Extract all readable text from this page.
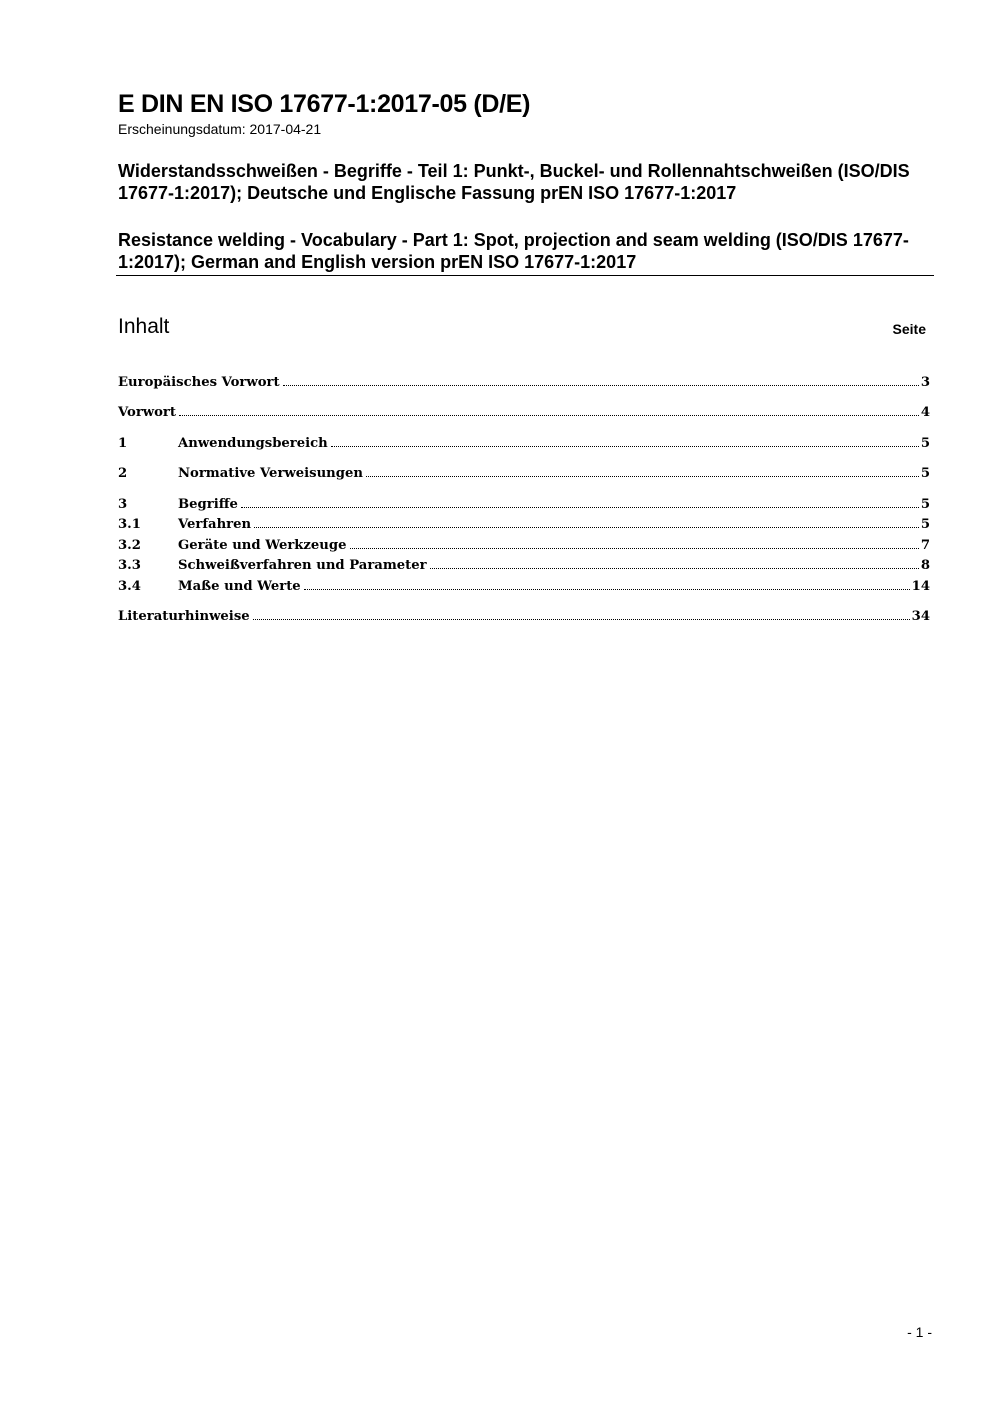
E DIN EN ISO 17677-1:2017-05 (D/E)
Erscheinungsdatum: 2017-04-21
Widerstandsschweißen - Begriffe - Teil 1: Punkt-, Buckel- und Rollennahtschweißen (ISO/DIS 17677-1:2017); Deutsche und Englische Fassung prEN ISO 17677-1:2017
Resistance welding - Vocabulary - Part 1: Spot, projection and seam welding (ISO/DIS 17677-1:2017); German and English version prEN ISO 17677-1:2017
Inhalt	Seite
Europäisches Vorwort	3
Vorwort	4
1	Anwendungsbereich	5
2	Normative Verweisungen	5
3	Begriffe	5
3.1	Verfahren	5
3.2	Geräte und Werkzeuge	7
3.3	Schweißverfahren und Parameter	8
3.4	Maße und Werte	14
Literaturhinweise	34
- 1 -
